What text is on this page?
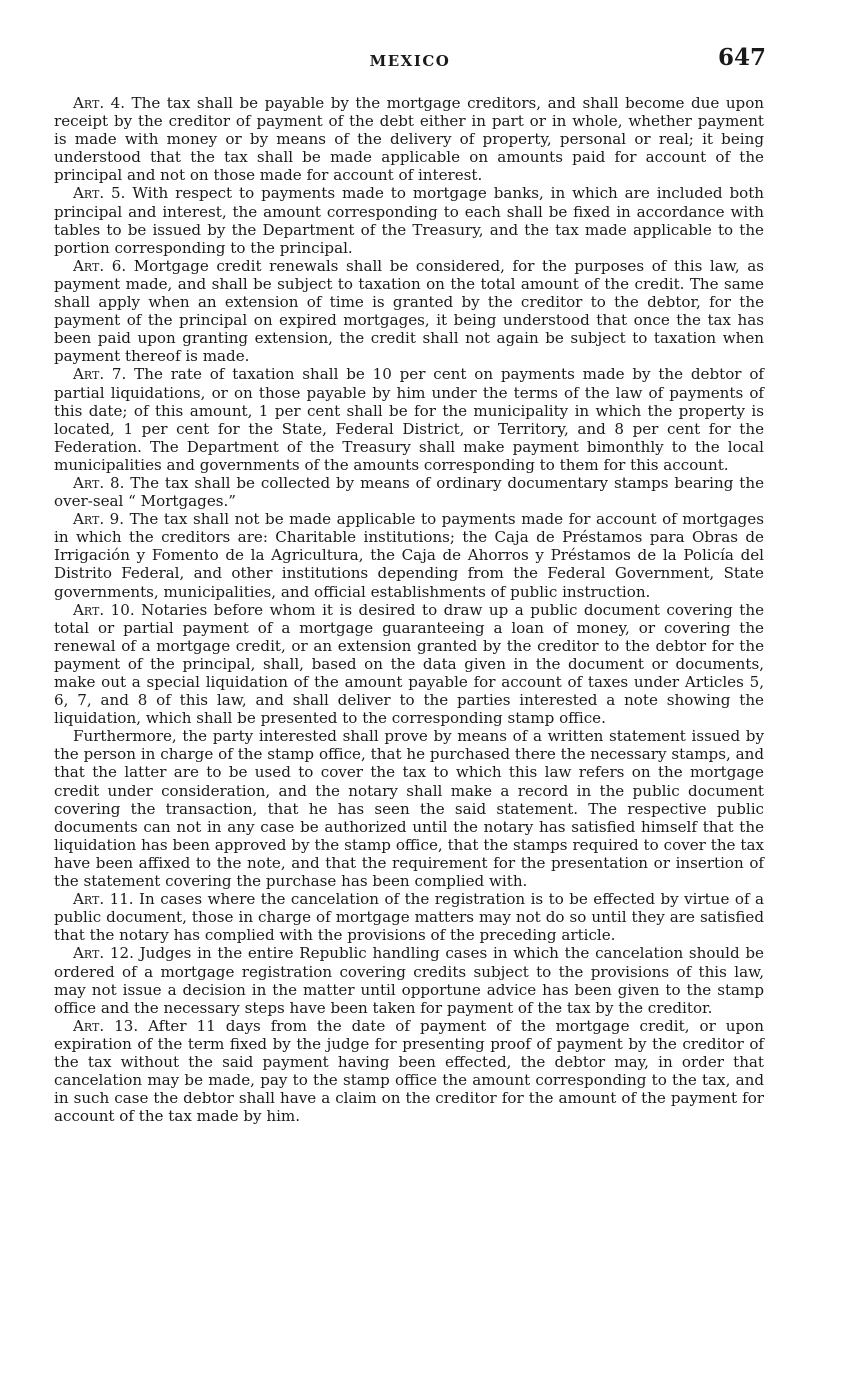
MEXICO	647

Art. 4. The tax shall be payable by the mortgage creditors, and shall become due upon receipt by the creditor of payment of the debt either in part or in whole, whether payment is made with money or by means of the delivery of property, personal or real; it being understood that the tax shall be made applicable on amounts paid for account of the principal and not on those made for account of interest.

Art. 5. With respect to payments made to mortgage banks, in which are included both principal and interest, the amount corresponding to each shall be fixed in accordance with tables to be issued by the Department of the Treasury, and the tax made applicable to the portion corresponding to the principal.

Art. 6. Mortgage credit renewals shall be considered, for the purposes of this law, as payment made, and shall be subject to taxation on the total amount of the credit. The same shall apply when an extension of time is granted by the creditor to the debtor, for the payment of the principal on expired mortgages, it being understood that once the tax has been paid upon granting extension, the credit shall not again be subject to taxation when payment thereof is made.

Art. 7. The rate of taxation shall be 10 per cent on payments made by the debtor of partial liquidations, or on those payable by him under the terms of the law of payments of this date; of this amount, 1 per cent shall be for the municipality in which the property is located, 1 per cent for the State, Federal District, or Territory, and 8 per cent for the Federation. The Department of the Treasury shall make payment bimonthly to the local municipalities and governments of the amounts corresponding to them for this account.

Art. 8. The tax shall be collected by means of ordinary documentary stamps bearing the over-seal “ Mortgages.”

Art. 9. The tax shall not be made applicable to payments made for account of mortgages in which the creditors are: Charitable institutions; the Caja de Préstamos para Obras de Irrigación y Fomento de la Agricultura, the Caja de Ahorros y Préstamos de la Policía del Distrito Federal, and other institutions depending from the Federal Government, State governments, municipalities, and official establishments of public instruction.

Art. 10. Notaries before whom it is desired to draw up a public document covering the total or partial payment of a mortgage guaranteeing a loan of money, or covering the renewal of a mortgage credit, or an extension granted by the creditor to the debtor for the payment of the principal, shall, based on the data given in the document or documents, make out a special liquidation of the amount payable for account of taxes under Articles 5, 6, 7, and 8 of this law, and shall deliver to the parties interested a note showing the liquidation, which shall be presented to the corresponding stamp office.

Furthermore, the party interested shall prove by means of a written statement issued by the person in charge of the stamp office, that he purchased there the necessary stamps, and that the latter are to be used to cover the tax to which this law refers on the mortgage credit under consideration, and the notary shall make a record in the public document covering the transaction, that he has seen the said statement. The respective public documents can not in any case be authorized until the notary has satisfied himself that the liquidation has been approved by the stamp office, that the stamps required to cover the tax have been affixed to the note, and that the requirement for the presentation or insertion of the statement covering the purchase has been complied with.

Art. 11. In cases where the cancelation of the registration is to be effected by virtue of a public document, those in charge of mortgage matters may not do so until they are satisfied that the notary has complied with the provisions of the preceding article.

Art. 12. Judges in the entire Republic handling cases in which the cancelation should be ordered of a mortgage registration covering credits subject to the provisions of this law, may not issue a decision in the matter until opportune advice has been given to the stamp office and the necessary steps have been taken for payment of the tax by the creditor.

Art. 13. After 11 days from the date of payment of the mortgage credit, or upon expiration of the term fixed by the judge for presenting proof of payment by the creditor of the tax without the said payment having been effected, the debtor may, in order that cancelation may be made, pay to the stamp office the amount corresponding to the tax, and in such case the debtor shall have a claim on the creditor for the amount of the payment for account of the tax made by him.
